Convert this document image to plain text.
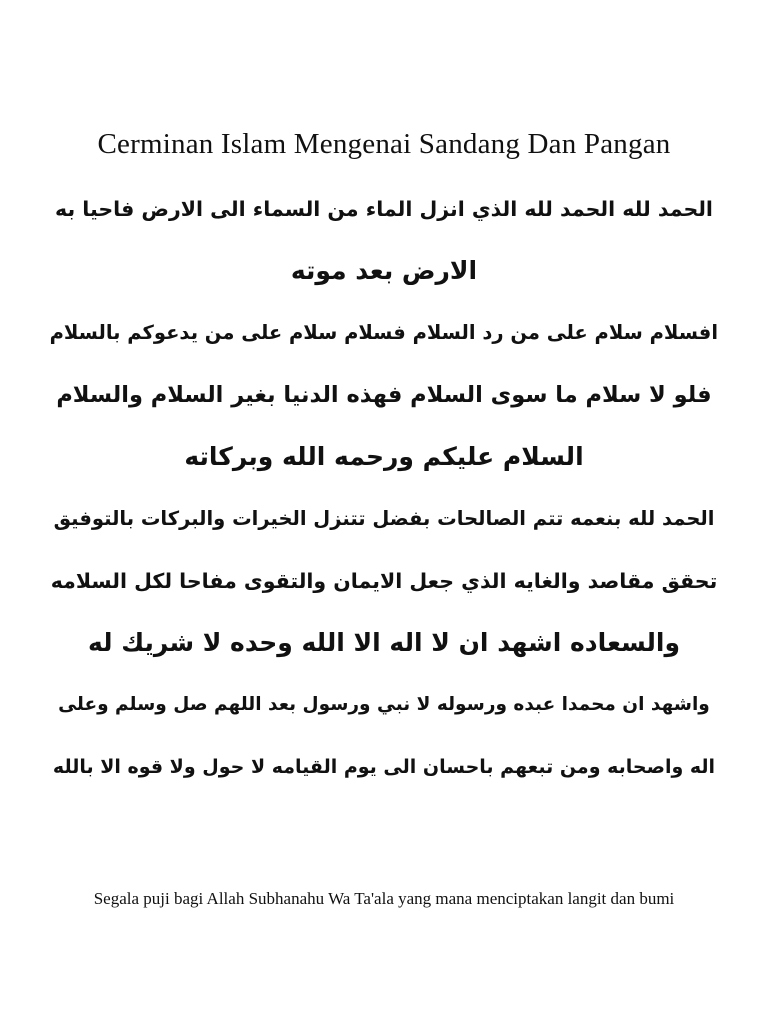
Cerminan Islam Mengenai Sandang Dan Pangan
الحمد لله الحمد لله الذي انزل الماء من السماء الى الارض فاحيا به
الارض بعد موته
افسلام سلام على من رد السلام فسلام سلام على من يدعوكم بالسلام
فلو لا سلام ما سوى السلام فهذه الدنيا بغير السلام والسلام
السلام عليكم ورحمه الله وبركاته
الحمد لله بنعمه تتم الصالحات بفضل تتنزل الخيرات والبركات بالتوفيق
تحقق مقاصد والغايه الذي جعل الايمان والتقوى مفاحا لكل السلامه
والسعاده اشهد ان لا اله الا الله وحده لا شريك له
واشهد ان محمدا عبده ورسوله لا نبي ورسول بعد اللهم صل وسلم وعلى
اله واصحابه ومن تبعهم باحسان الى يوم القيامه لا حول ولا قوه الا بالله

Segala puji bagi Allah Subhanahu Wa Ta'ala yang mana menciptakan langit dan bumi
